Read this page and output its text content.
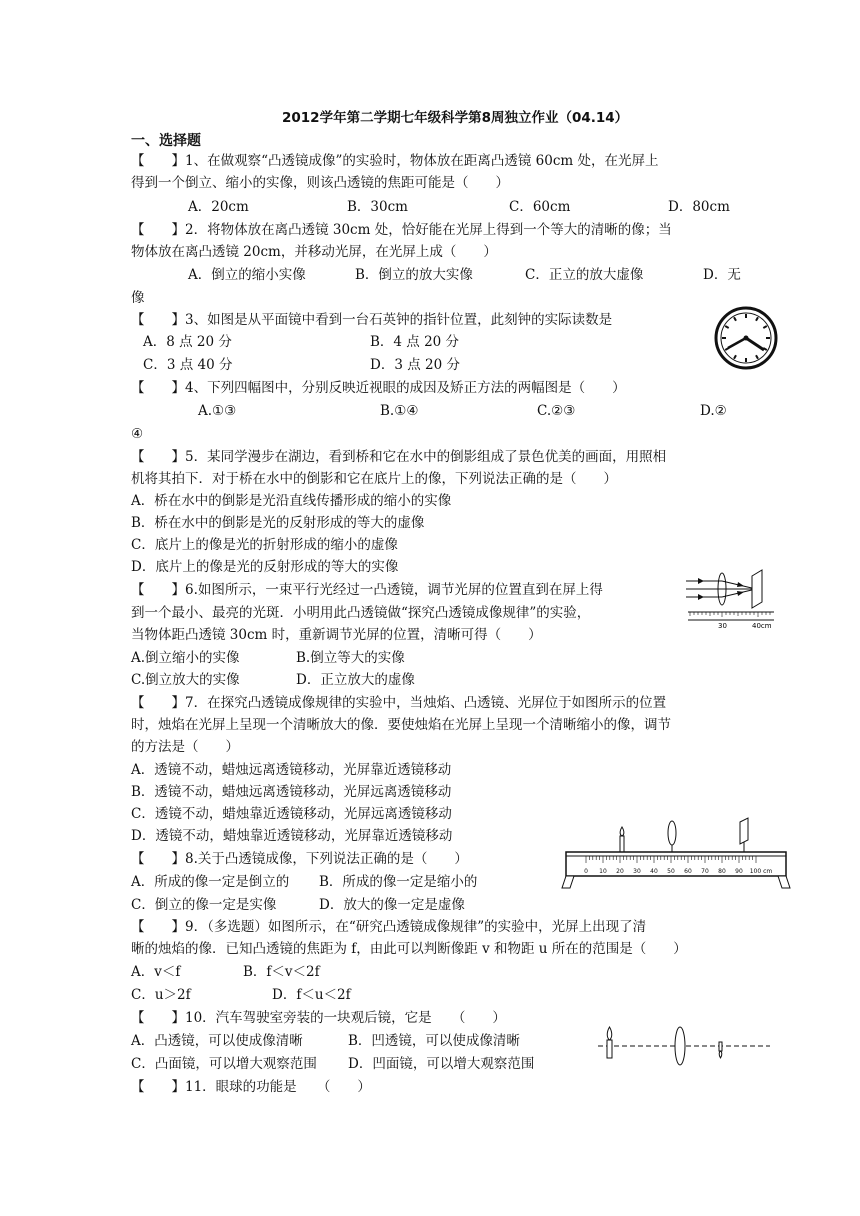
2012学年第二学期七年级科学第8周独立作业（04.14）
一、选择题
【　　】1、在做观察“凸透镜成像”的实验时，物体放在距离凸透镜 60cm 处，在光屏上
得到一个倒立、缩小的实像，则该凸透镜的焦距可能是（　　）
A．20cm	B．30cm	C．60cm	D．80cm
【　　】2．将物体放在离凸透镜 30cm 处，恰好能在光屏上得到一个等大的清晰的像；当
物体放在离凸透镜 20cm，并移动光屏，在光屏上成（　　）
A．倒立的缩小实像	B．倒立的放大实像	C．正立的放大虚像	D．无
像
【　　】3、如图是从平面镜中看到一台石英钟的指针位置，此刻钟的实际读数是
A．8 点 20 分	B．4 点 20 分
C．3 点 40 分	D．3 点 20 分
【　　】4、下列四幅图中，分别反映近视眼的成因及矫正方法的两幅图是（　　）
A.①③	B.①④	C.②③	D.②
④
【　　】5．某同学漫步在湖边，看到桥和它在水中的倒影组成了景色优美的画面，用照相
机将其拍下．对于桥在水中的倒影和它在底片上的像，下列说法正确的是（　　）
A．桥在水中的倒影是光沿直线传播形成的缩小的实像
B．桥在水中的倒影是光的反射形成的等大的虚像
C．底片上的像是光的折射形成的缩小的虚像
D．底片上的像是光的反射形成的等大的实像
【　　】6.如图所示，一束平行光经过一凸透镜，调节光屏的位置直到在屏上得
到一个最小、最亮的光斑．小明用此凸透镜做“探究凸透镜成像规律”的实验，
当物体距凸透镜 30cm 时，重新调节光屏的位置，清晰可得（　　）
A.倒立缩小的实像	B.倒立等大的实像
C.倒立放大的实像	D．正立放大的虚像
30	40cm
【　　】7．在探究凸透镜成像规律的实验中，当烛焰、凸透镜、光屏位于如图所示的位置
时，烛焰在光屏上呈现一个清晰放大的像．要使烛焰在光屏上呈现一个清晰缩小的像，调节
的方法是（　　）
A．透镜不动，蜡烛远离透镜移动，光屏靠近透镜移动
B．透镜不动，蜡烛远离透镜移动，光屏远离透镜移动
C．透镜不动，蜡烛靠近透镜移动，光屏远离透镜移动
D．透镜不动，蜡烛靠近透镜移动，光屏靠近透镜移动
0 10 20 30 40 50 60 70 80 90 100 cm
【　　】8.关于凸透镜成像，下列说法正确的是（　　）
A．所成的像一定是倒立的 B．所成的像一定是缩小的
C．倒立的像一定是实像	D．放大的像一定是虚像
【　　】9．（多选题）如图所示，在“研究凸透镜成像规律”的实验中，光屏上出现了清
晰的烛焰的像．已知凸透镜的焦距为 f，由此可以判断像距 v 和物距 u 所在的范围是（　　）
A．v＜f	B．f＜v＜2f
C．u＞2f	D．f＜u＜2f
【　　】10．汽车驾驶室旁装的一块观后镜，它是　　（　　）
A．凸透镜，可以使成像清晰	B．凹透镜，可以使成像清晰
C．凸面镜，可以增大观察范围 D．凹面镜，可以增大观察范围
【　　】11．眼球的功能是　　（　　）
